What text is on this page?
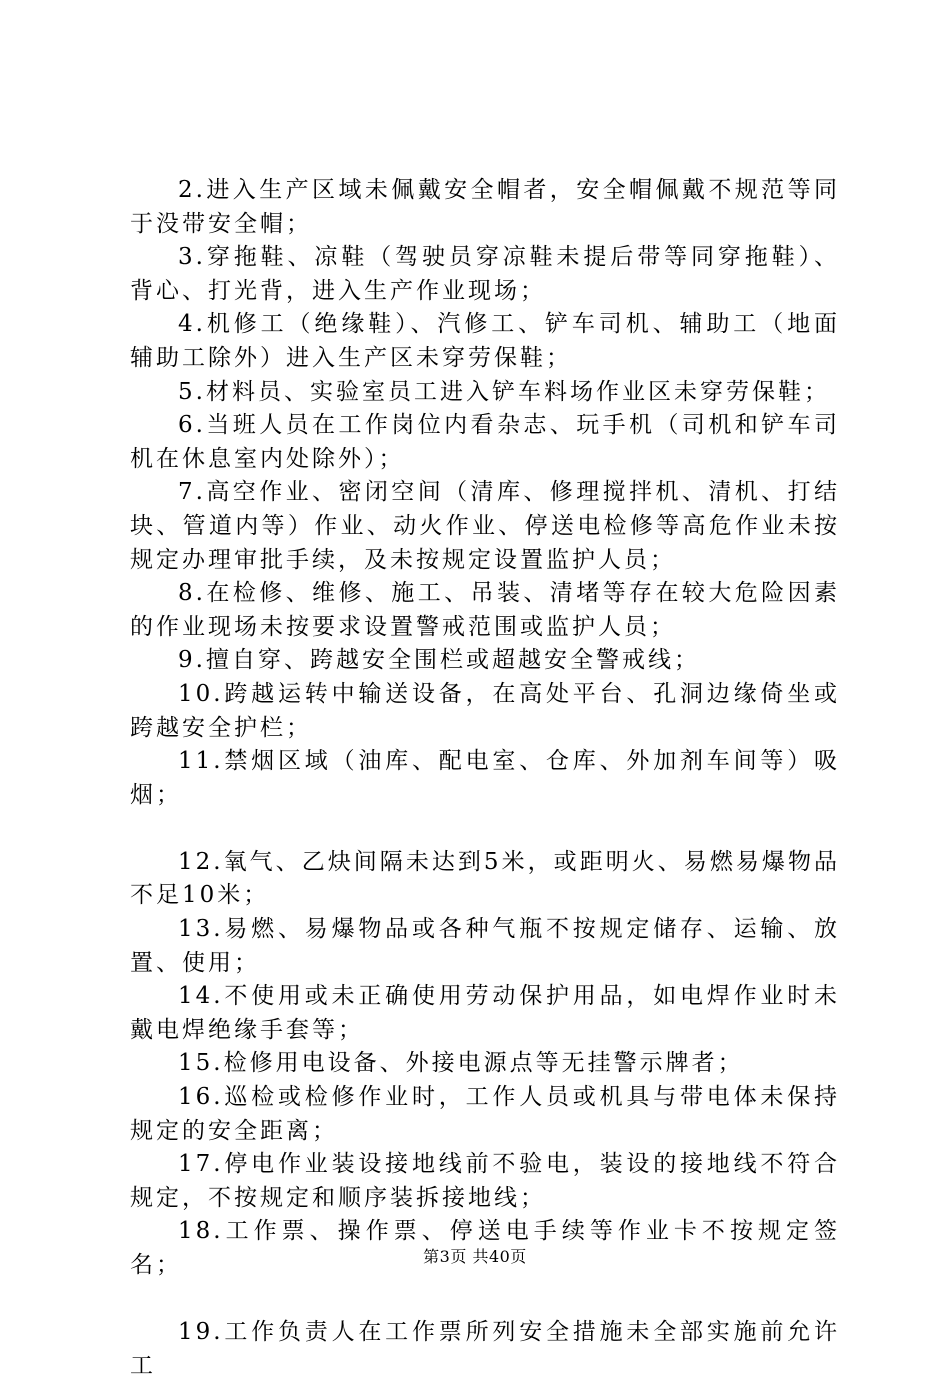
2.进入生产区域未佩戴安全帽者，安全帽佩戴不规范等同于没带安全帽；

3.穿拖鞋、凉鞋（驾驶员穿凉鞋未提后带等同穿拖鞋）、背心、打光背，进入生产作业现场；

4.机修工（绝缘鞋）、汽修工、铲车司机、辅助工（地面辅助工除外）进入生产区未穿劳保鞋；

5.材料员、实验室员工进入铲车料场作业区未穿劳保鞋；

6.当班人员在工作岗位内看杂志、玩手机（司机和铲车司机在休息室内处除外）；

7.高空作业、密闭空间（清库、修理搅拌机、清机、打结块、管道内等）作业、动火作业、停送电检修等高危作业未按规定办理审批手续，及未按规定设置监护人员；

8.在检修、维修、施工、吊装、清堵等存在较大危险因素的作业现场未按要求设置警戒范围或监护人员；

9.擅自穿、跨越安全围栏或超越安全警戒线；

10.跨越运转中输送设备，在高处平台、孔洞边缘倚坐或跨越安全护栏；

11.禁烟区域（油库、配电室、仓库、外加剂车间等）吸烟；

12.氧气、乙炔间隔未达到5米，或距明火、易燃易爆物品不足10米；

13.易燃、易爆物品或各种气瓶不按规定储存、运输、放置、使用；

14.不使用或未正确使用劳动保护用品，如电焊作业时未戴电焊绝缘手套等；

15.检修用电设备、外接电源点等无挂警示牌者；

16.巡检或检修作业时，工作人员或机具与带电体未保持规定的安全距离；

17.停电作业装设接地线前不验电，装设的接地线不符合规定，不按规定和顺序装拆接地线；

18.工作票、操作票、停送电手续等作业卡不按规定签名；

19.工作负责人在工作票所列安全措施未全部实施前允许工

第3页 共40页
